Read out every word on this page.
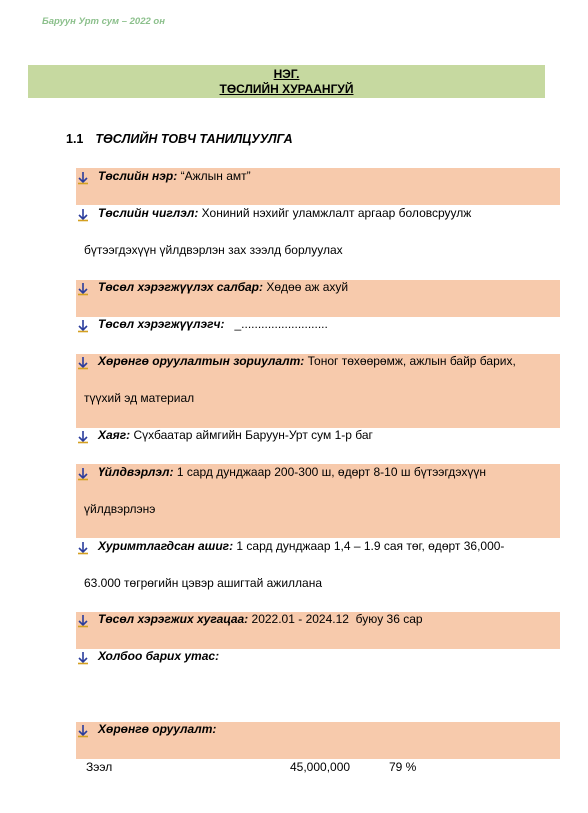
Баруун Урт сум – 2022 он
НЭГ.
ТӨСЛИЙН ХУРААНГУЙ
1.1 ТӨСЛИЙН ТОВЧ ТАНИЛЦУУЛГА
Төслийн нэр: “Ажлын амт”
Төслийн чиглэл: Хониний нэхийг уламжлалт аргаар боловсруулж
бүтээгдэхүүн үйлдвэрлэн зах зээлд борлуулах
Төсөл хэрэгжүүлэх салбар: Хөдөө аж ахуй
Төсөл хэрэгжүүлэгч:   _..........................
Хөрөнгө оруулалтын зориулалт: Тоног төхөөрөмж, ажлын байр барих,
түүхий эд материал
Хаяг: Сүхбаатар аймгийн Баруун-Урт сум 1-р баг
Үйлдвэрлэл: 1 сард дунджаар 200-300 ш, өдөрт 8-10 ш бүтээгдэхүүн
үйлдвэрлэнэ
Хуримтлагдсан ашиг: 1 сард дунджаар 1,4 – 1.9 сая төг, өдөрт 36,000-
63.000 төгрөгийн цэвэр ашигтай ажиллана
Төсөл хэрэгжих хугацаа: 2022.01 - 2024.12  буюу 36 сар
Холбоо барих утас:
Хөрөнгө оруулалт:
Зээл	45,000,000	79 %
